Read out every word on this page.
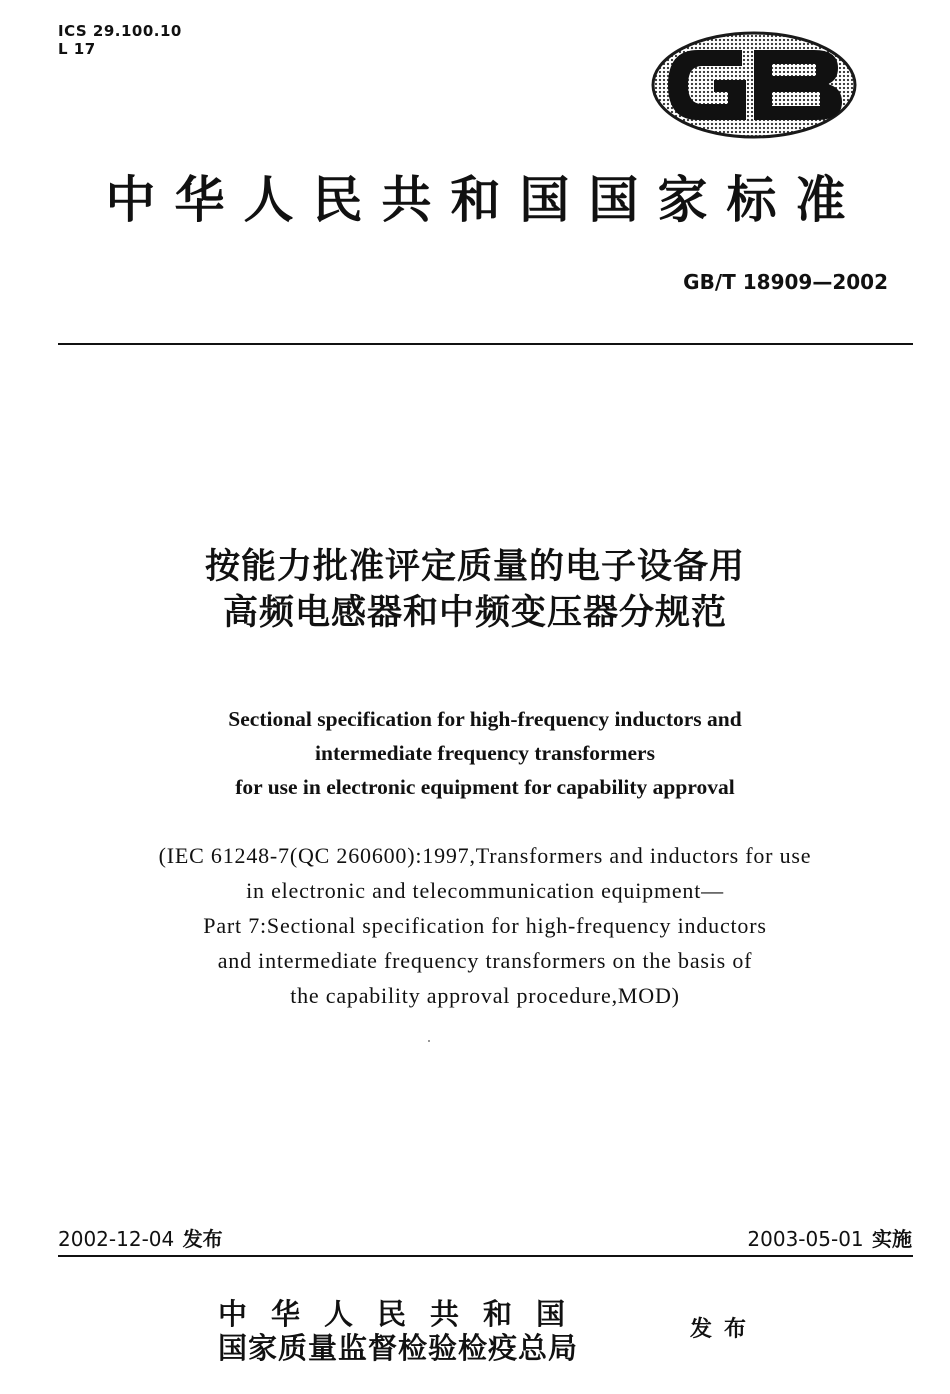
ICS 29.100.10
L 17
GB
中华人民共和国国家标准
GB/T 18909—2002
按能力批准评定质量的电子设备用
高频电感器和中频变压器分规范
Sectional specification for high-frequency inductors and
intermediate frequency transformers
for use in electronic equipment for capability approval
(IEC 61248-7(QC 260600):1997,Transformers and inductors for use
in electronic and telecommunication equipment—
Part 7:Sectional specification for high-frequency inductors
and intermediate frequency transformers on the basis of
the capability approval procedure,MOD)
2002-12-04 发布	2003-05-01 实施
中华人民共和国
国家质量监督检验检疫总局
发布
